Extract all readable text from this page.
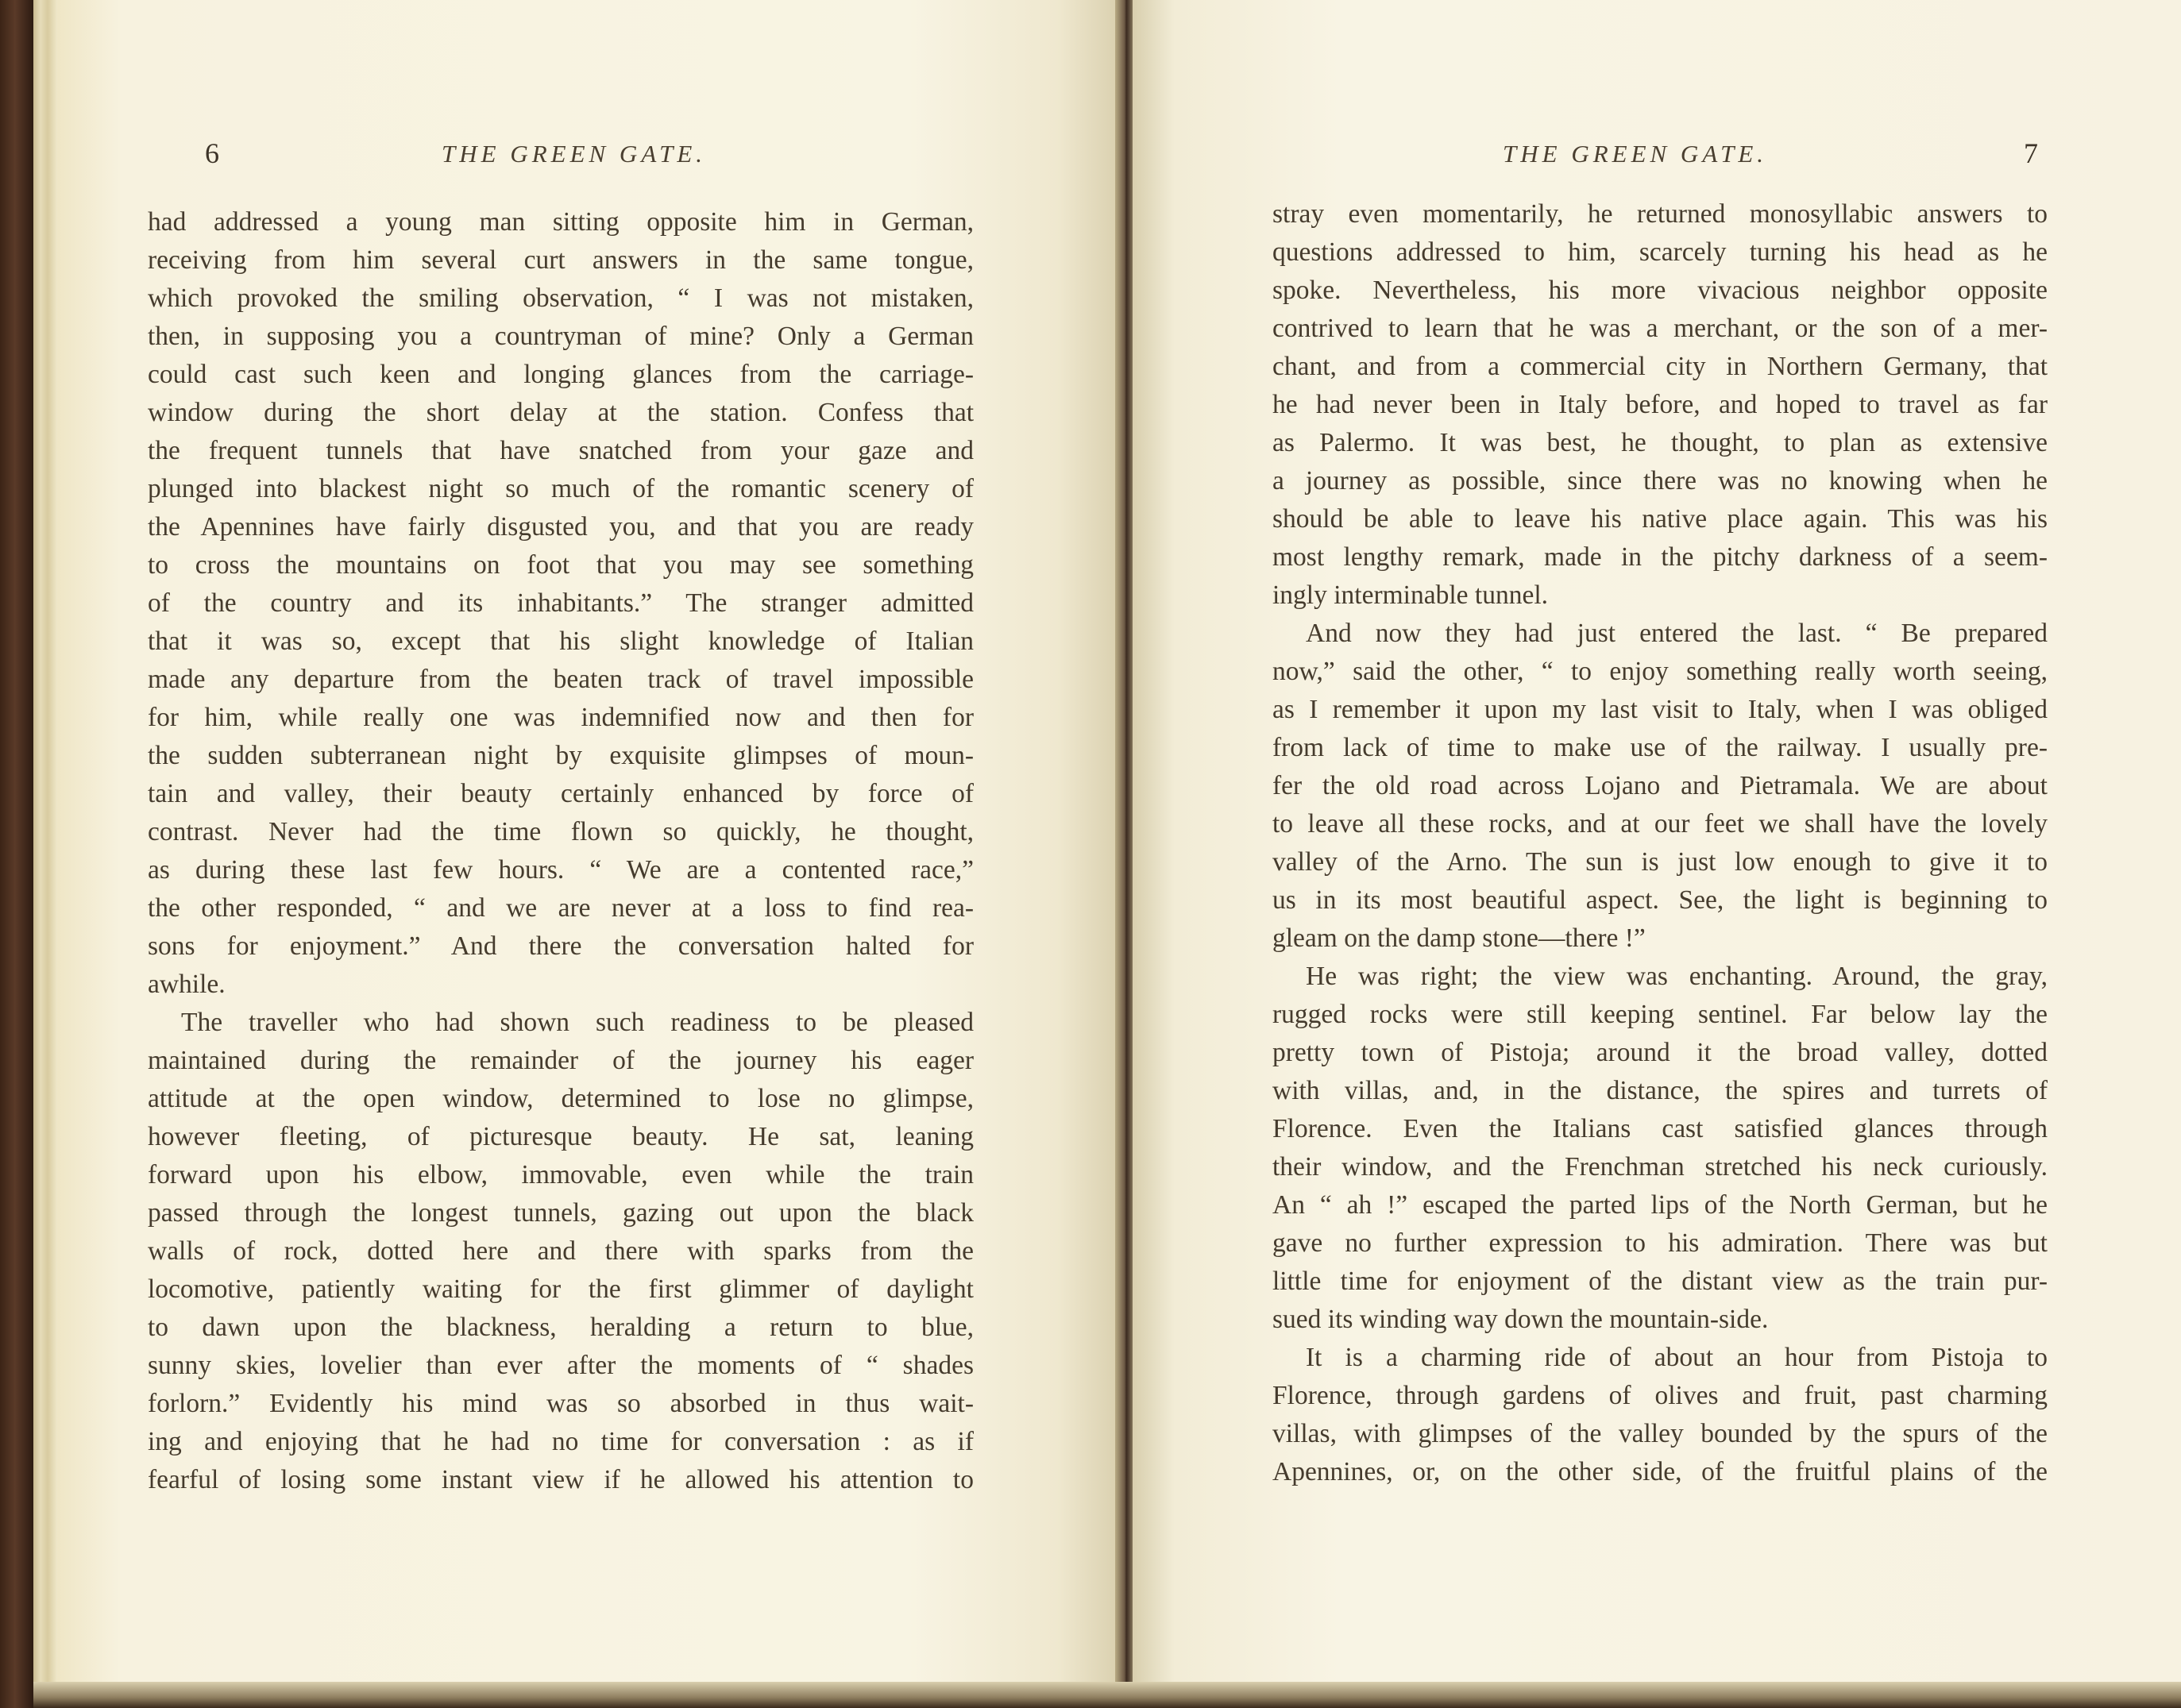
6	THE GREEN GATE.	THE GREEN GATE.	7
had addressed a young man sitting opposite him in German,
receiving from him several curt answers in the same tongue,
which provoked the smiling observation, “ I was not mistaken,
then, in supposing you a countryman of mine? Only a German
could cast such keen and longing glances from the carriage-
window during the short delay at the station. Confess that
the frequent tunnels that have snatched from your gaze and
plunged into blackest night so much of the romantic scenery of
the Apennines have fairly disgusted you, and that you are ready
to cross the mountains on foot that you may see something
of the country and its inhabitants.” The stranger admitted
that it was so, except that his slight knowledge of Italian
made any departure from the beaten track of travel impossible
for him, while really one was indemnified now and then for
the sudden subterranean night by exquisite glimpses of moun-
tain and valley, their beauty certainly enhanced by force of
contrast. Never had the time flown so quickly, he thought,
as during these last few hours. “ We are a contented race,”
the other responded, “ and we are never at a loss to find rea-
sons for enjoyment.” And there the conversation halted for
awhile.
The traveller who had shown such readiness to be pleased
maintained during the remainder of the journey his eager
attitude at the open window, determined to lose no glimpse,
however fleeting, of picturesque beauty. He sat, leaning
forward upon his elbow, immovable, even while the train
passed through the longest tunnels, gazing out upon the black
walls of rock, dotted here and there with sparks from the
locomotive, patiently waiting for the first glimmer of daylight
to dawn upon the blackness, heralding a return to blue,
sunny skies, lovelier than ever after the moments of “ shades
forlorn.” Evidently his mind was so absorbed in thus wait-
ing and enjoying that he had no time for conversation : as if
fearful of losing some instant view if he allowed his attention to
stray even momentarily, he returned monosyllabic answers to
questions addressed to him, scarcely turning his head as he
spoke. Nevertheless, his more vivacious neighbor opposite
contrived to learn that he was a merchant, or the son of a mer-
chant, and from a commercial city in Northern Germany, that
he had never been in Italy before, and hoped to travel as far
as Palermo. It was best, he thought, to plan as extensive
a journey as possible, since there was no knowing when he
should be able to leave his native place again. This was his
most lengthy remark, made in the pitchy darkness of a seem-
ingly interminable tunnel.
And now they had just entered the last. “ Be prepared
now,” said the other, “ to enjoy something really worth seeing,
as I remember it upon my last visit to Italy, when I was obliged
from lack of time to make use of the railway. I usually pre-
fer the old road across Lojano and Pietramala. We are about
to leave all these rocks, and at our feet we shall have the lovely
valley of the Arno. The sun is just low enough to give it to
us in its most beautiful aspect. See, the light is beginning to
gleam on the damp stone—there !”
He was right; the view was enchanting. Around, the gray,
rugged rocks were still keeping sentinel. Far below lay the
pretty town of Pistoja; around it the broad valley, dotted
with villas, and, in the distance, the spires and turrets of
Florence. Even the Italians cast satisfied glances through
their window, and the Frenchman stretched his neck curiously.
An “ ah !” escaped the parted lips of the North German, but he
gave no further expression to his admiration. There was but
little time for enjoyment of the distant view as the train pur-
sued its winding way down the mountain-side.
It is a charming ride of about an hour from Pistoja to
Florence, through gardens of olives and fruit, past charming
villas, with glimpses of the valley bounded by the spurs of the
Apennines, or, on the other side, of the fruitful plains of the
